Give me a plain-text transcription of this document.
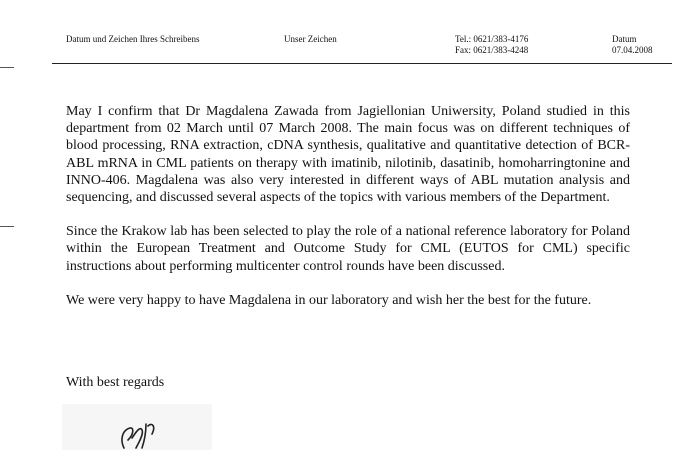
Datum und Zeichen Ihres Schreibens	Unser Zeichen	Tel.: 0621/383-4176
Fax: 0621/383-4248
Datum
07.04.2008

May I confirm that Dr Magdalena Zawada from Jagiellonian Uniwersity, Poland studied in this department from 02 March until 07 March 2008. The main focus was on different techniques of blood processing, RNA extraction, cDNA synthesis, qualitative and quantitative detection of BCR-ABL mRNA in CML patients on therapy with imatinib, nilotinib, dasatinib, homoharringtonine and INNO-406. Magdalena was also very interested in different ways of ABL mutation analysis and sequencing, and discussed several aspects of the topics with various members of the Department.

Since the Krakow lab has been selected to play the role of a national reference laboratory for Poland within the European Treatment and Outcome Study for CML (EUTOS for CML) specific instructions about performing multicenter control rounds have been discussed.

We were very happy to have Magdalena in our laboratory and wish her the best for the future.

With best regards
